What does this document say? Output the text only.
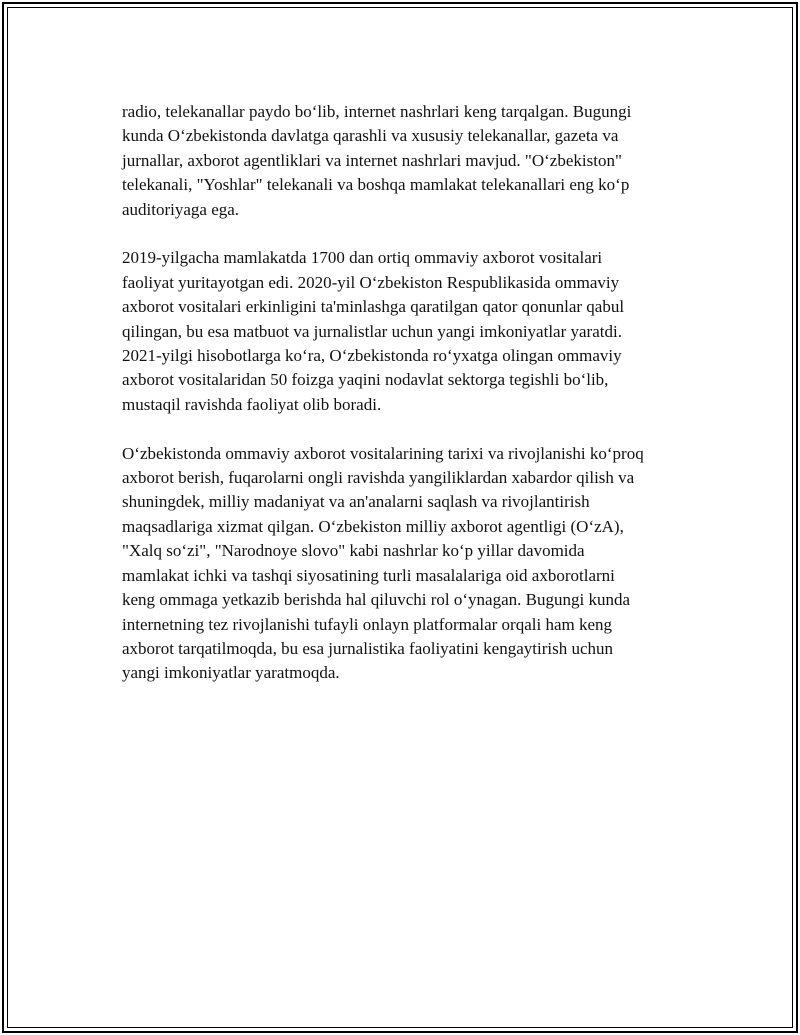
radio, telekanallar paydo bo‘lib, internet nashrlari keng tarqalgan. Bugungi
kunda O‘zbekistonda davlatga qarashli va xususiy telekanallar, gazeta va
jurnallar, axborot agentliklari va internet nashrlari mavjud. "O‘zbekiston"
telekanali, "Yoshlar" telekanali va boshqa mamlakat telekanallari eng ko‘p
auditoriyaga ega.

2019-yilgacha mamlakatda 1700 dan ortiq ommaviy axborot vositalari
faoliyat yuritayotgan edi. 2020-yil O‘zbekiston Respublikasida ommaviy
axborot vositalari erkinligini ta'minlashga qaratilgan qator qonunlar qabul
qilingan, bu esa matbuot va jurnalistlar uchun yangi imkoniyatlar yaratdi.
2021-yilgi hisobotlarga ko‘ra, O‘zbekistonda ro‘yxatga olingan ommaviy
axborot vositalaridan 50 foizga yaqini nodavlat sektorga tegishli bo‘lib,
mustaqil ravishda faoliyat olib boradi.

O‘zbekistonda ommaviy axborot vositalarining tarixi va rivojlanishi ko‘proq
axborot berish, fuqarolarni ongli ravishda yangiliklardan xabardor qilish va
shuningdek, milliy madaniyat va an'analarni saqlash va rivojlantirish
maqsadlariga xizmat qilgan. O‘zbekiston milliy axborot agentligi (O‘zA),
"Xalq so‘zi", "Narodnoye slovo" kabi nashrlar ko‘p yillar davomida
mamlakat ichki va tashqi siyosatining turli masalalariga oid axborotlarni
keng ommaga yetkazib berishda hal qiluvchi rol o‘ynagan. Bugungi kunda
internetning tez rivojlanishi tufayli onlayn platformalar orqali ham keng
axborot tarqatilmoqda, bu esa jurnalistika faoliyatini kengaytirish uchun
yangi imkoniyatlar yaratmoqda.
